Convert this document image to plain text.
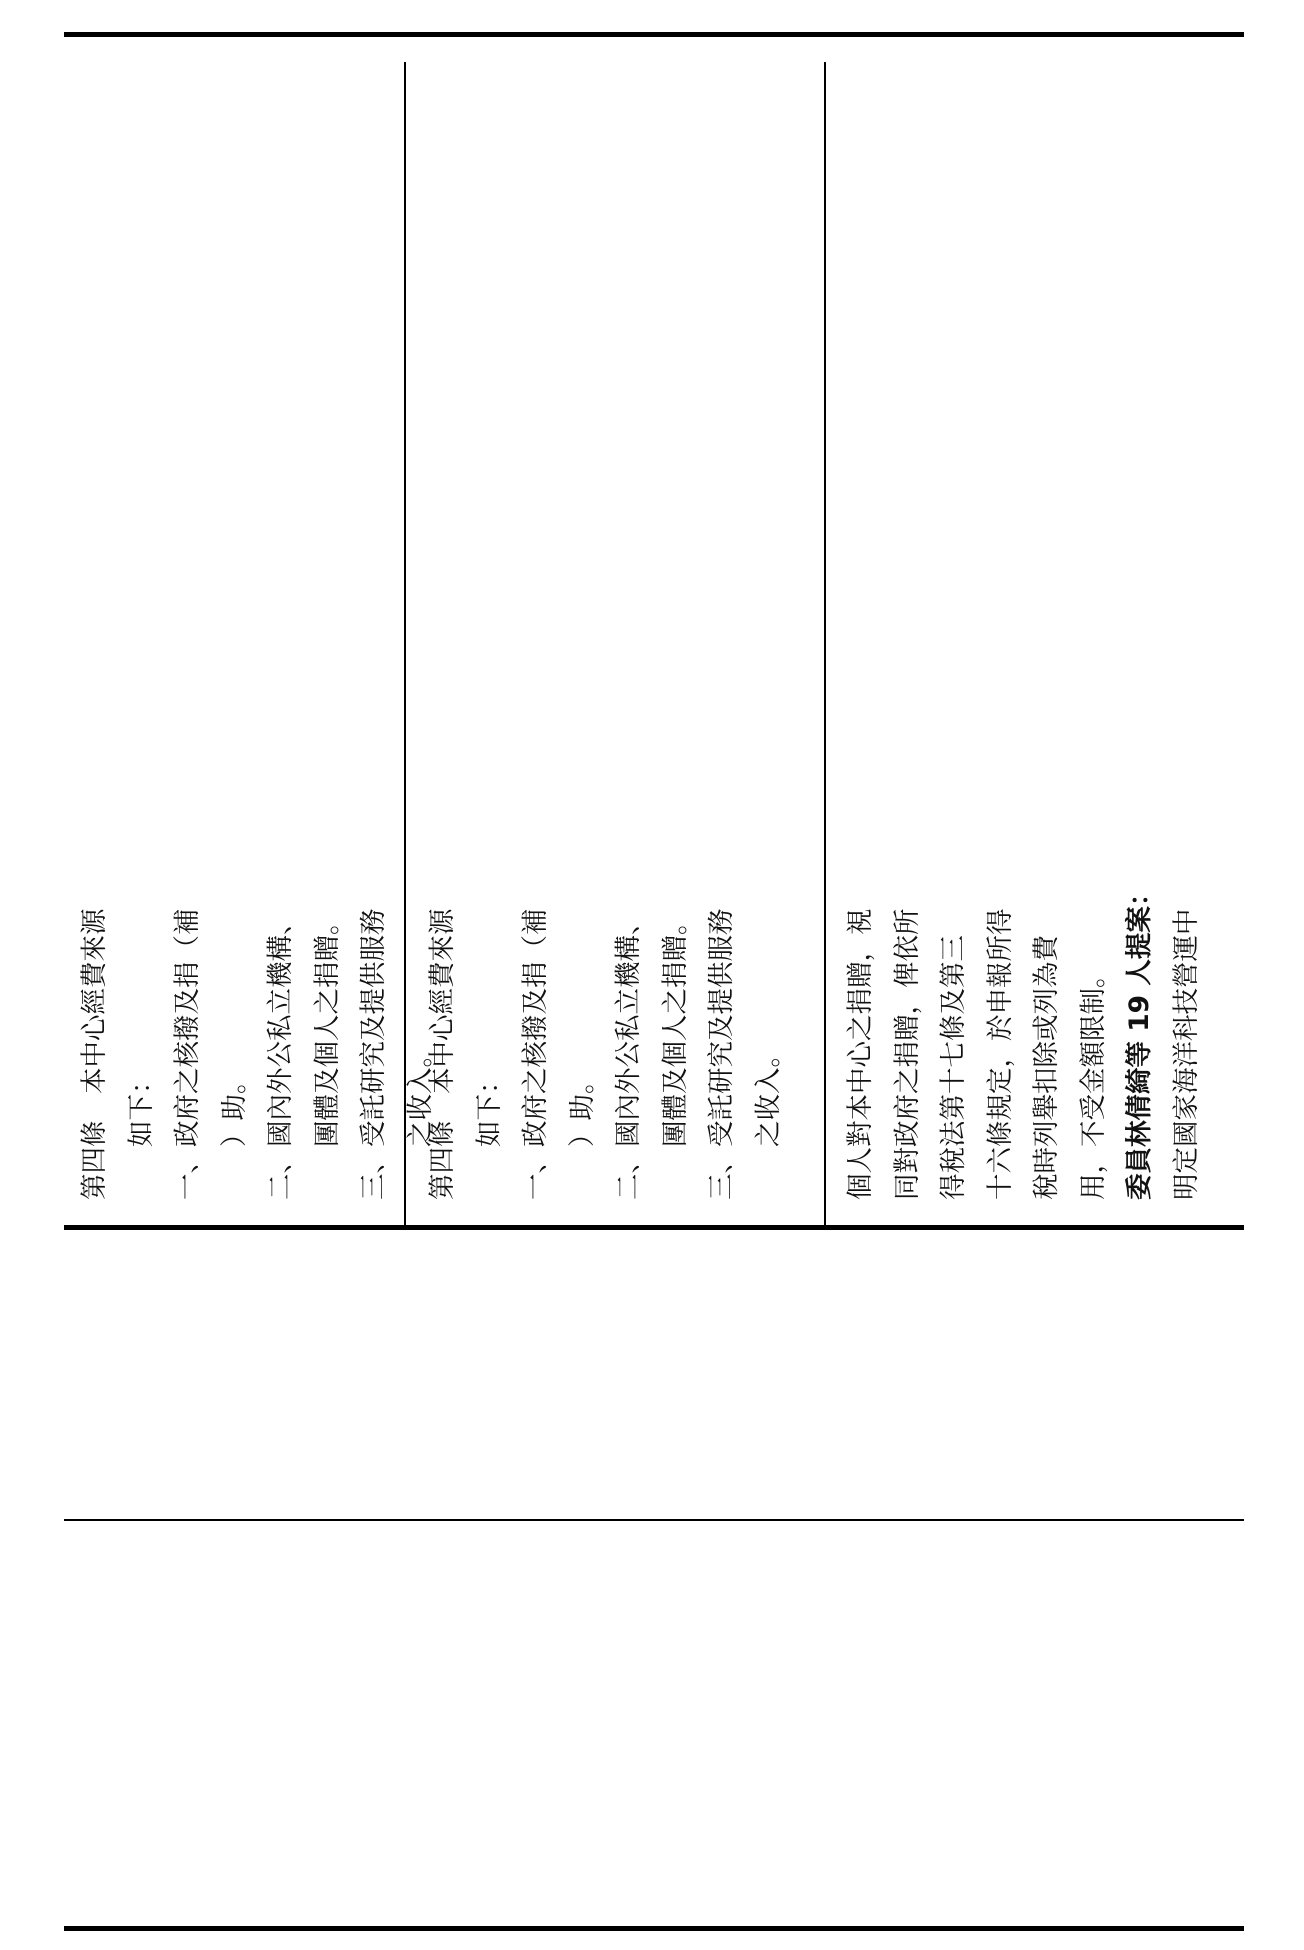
第四條　本中心經費來源 　　如下： 一、政府之核撥及捐（補 　　）助。 二、國內外公私立機構、 　　團體及個人之捐贈。 三、受託研究及提供服務 　　之收入。
第四條　本中心經費來源 　　如下： 一、政府之核撥及捐（補 　　）助。 二、國內外公私立機構、 　　團體及個人之捐贈。 三、受託研究及提供服務 　　之收入。	個人對本中心之捐贈，視 同對政府之捐贈，俾依所 得稅法第十七條及第三 十六條規定，於申報所得 稅時列舉扣除或列為費 用，不受金額限制。 委員林倩綺等 19 人提案： 明定國家海洋科技營運中
